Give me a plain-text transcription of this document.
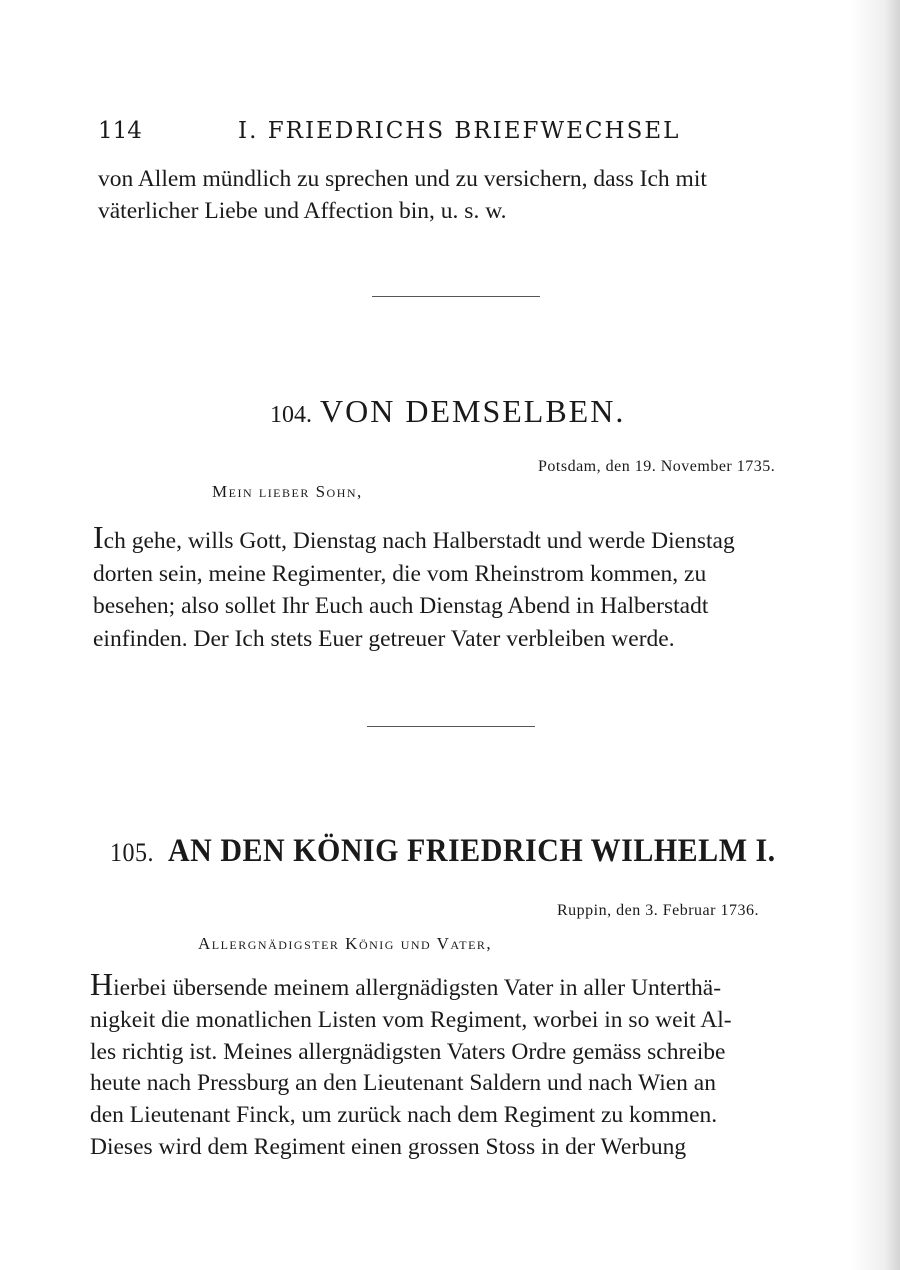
114	I. FRIEDRICHS BRIEFWECHSEL
von Allem mündlich zu sprechen und zu versichern, dass Ich mit
väterlicher Liebe und Affection bin, u. s. w.
104. VON DEMSELBEN.
Potsdam, den 19. November 1735.
Mein lieber Sohn,
Ich gehe, wills Gott, Dienstag nach Halberstadt und werde Dienstag
dorten sein, meine Regimenter, die vom Rheinstrom kommen, zu
besehen; also sollet Ihr Euch auch Dienstag Abend in Halberstadt
einfinden. Der Ich stets Euer getreuer Vater verbleiben werde.
105. AN DEN KÖNIG FRIEDRICH WILHELM I.
Ruppin, den 3. Februar 1736.
Allergnädigster König und Vater,
Hierbei übersende meinem allergnädigsten Vater in aller Unterthä-
nigkeit die monatlichen Listen vom Regiment, worbei in so weit Al-
les richtig ist. Meines allergnädigsten Vaters Ordre gemäss schreibe
heute nach Pressburg an den Lieutenant Saldern und nach Wien an
den Lieutenant Finck, um zurück nach dem Regiment zu kommen.
Dieses wird dem Regiment einen grossen Stoss in der Werbung
